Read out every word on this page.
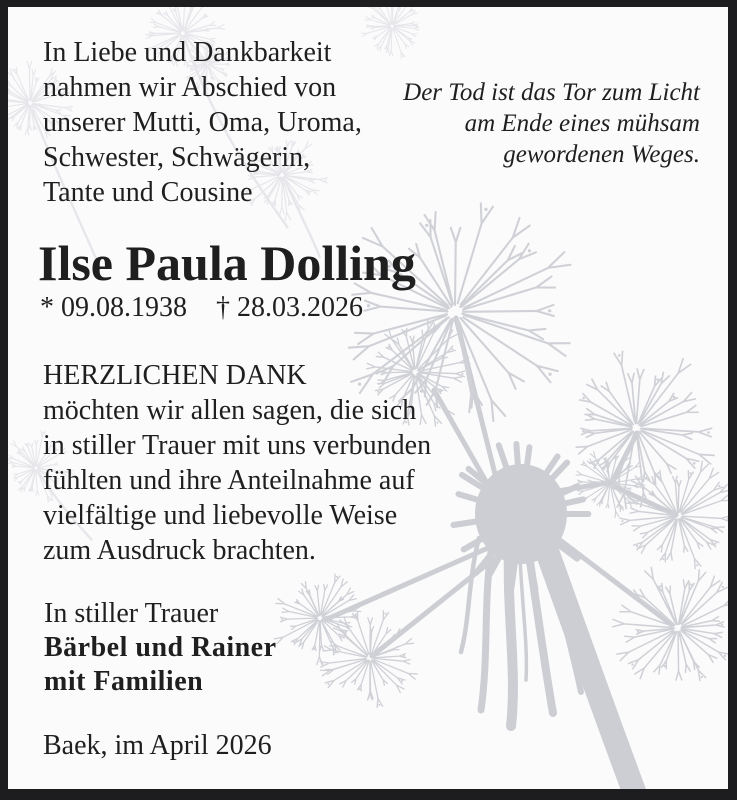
In Liebe und Dankbarkeit
nahmen wir Abschied von
unserer Mutti, Oma, Uroma,
Schwester, Schwägerin,
Tante und Cousine
Der Tod ist das Tor zum Licht
am Ende eines mühsam
gewordenen Weges.
Ilse Paula Dolling
* 09.08.1938 † 28.03.2026
HERZLICHEN DANK
möchten wir allen sagen, die sich
in stiller Trauer mit uns verbunden
fühlten und ihre Anteilnahme auf
vielfältige und liebevolle Weise
zum Ausdruck brachten.
In stiller Trauer
Bärbel und Rainer
mit Familien
Baek, im April 2026
